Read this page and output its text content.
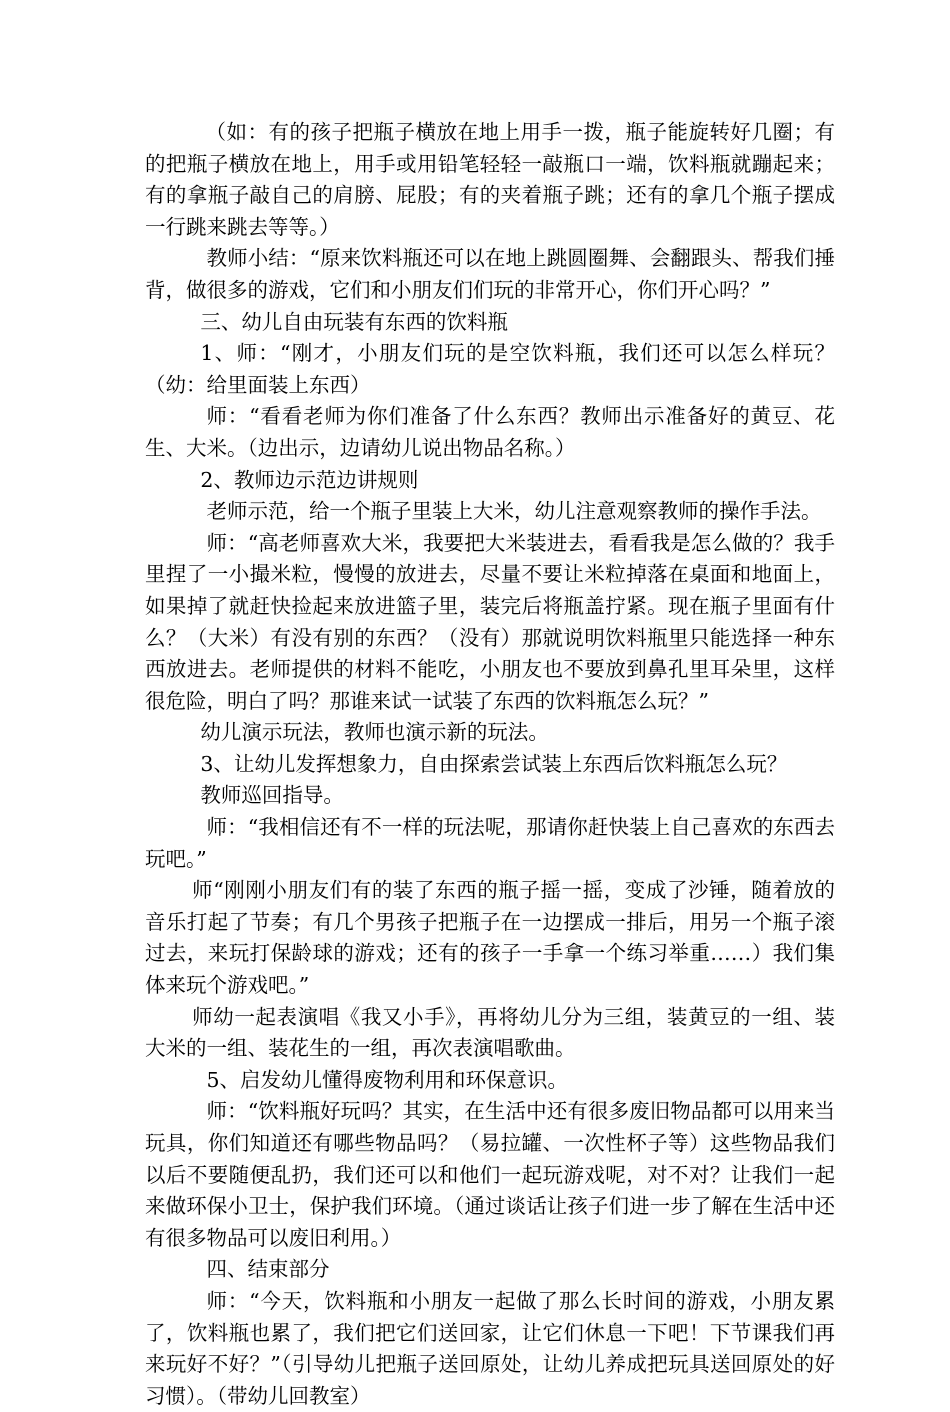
（如：有的孩子把瓶子横放在地上用手一拨，瓶子能旋转好几圈；有的把瓶子横放在地上，用手或用铅笔轻轻一敲瓶口一端，饮料瓶就蹦起来；有的拿瓶子敲自己的肩膀、屁股；有的夹着瓶子跳；还有的拿几个瓶子摆成一行跳来跳去等等。）

教师小结：“原来饮料瓶还可以在地上跳圆圈舞、会翻跟头、帮我们捶背，做很多的游戏，它们和小朋友们们玩的非常开心，你们开心吗？”

三、幼儿自由玩装有东西的饮料瓶

1、师：“刚才，小朋友们玩的是空饮料瓶，我们还可以怎么样玩？（幼：给里面装上东西）

师：“看看老师为你们准备了什么东西？教师出示准备好的黄豆、花生、大米。（边出示，边请幼儿说出物品名称。）

2、教师边示范边讲规则

老师示范，给一个瓶子里装上大米，幼儿注意观察教师的操作手法。

师：“高老师喜欢大米，我要把大米装进去，看看我是怎么做的？我手里捏了一小撮米粒，慢慢的放进去，尽量不要让米粒掉落在桌面和地面上，如果掉了就赶快捡起来放进篮子里，装完后将瓶盖拧紧。现在瓶子里面有什么？（大米）有没有别的东西？（没有）那就说明饮料瓶里只能选择一种东西放进去。老师提供的材料不能吃，小朋友也不要放到鼻孔里耳朵里，这样很危险，明白了吗？那谁来试一试装了东西的饮料瓶怎么玩？”

幼儿演示玩法，教师也演示新的玩法。

3、让幼儿发挥想象力，自由探索尝试装上东西后饮料瓶怎么玩？

教师巡回指导。

师：“我相信还有不一样的玩法呢，那请你赶快装上自己喜欢的东西去玩吧。”

师“刚刚小朋友们有的装了东西的瓶子摇一摇，变成了沙锤，随着放的音乐打起了节奏；有几个男孩子把瓶子在一边摆成一排后，用另一个瓶子滚过去，来玩打保龄球的游戏；还有的孩子一手拿一个练习举重……）我们集体来玩个游戏吧。”

师幼一起表演唱《我又小手》，再将幼儿分为三组，装黄豆的一组、装大米的一组、装花生的一组，再次表演唱歌曲。

5、启发幼儿懂得废物利用和环保意识。

师：“饮料瓶好玩吗？其实，在生活中还有很多废旧物品都可以用来当玩具，你们知道还有哪些物品吗？（易拉罐、一次性杯子等）这些物品我们以后不要随便乱扔，我们还可以和他们一起玩游戏呢，对不对？让我们一起来做环保小卫士，保护我们环境。（通过谈话让孩子们进一步了解在生活中还有很多物品可以废旧利用。）

四、结束部分

师：“今天，饮料瓶和小朋友一起做了那么长时间的游戏，小朋友累了，饮料瓶也累了，我们把它们送回家，让它们休息一下吧！下节课我们再来玩好不好？”（引导幼儿把瓶子送回原处，让幼儿养成把玩具送回原处的好习惯）。（带幼儿回教室）
